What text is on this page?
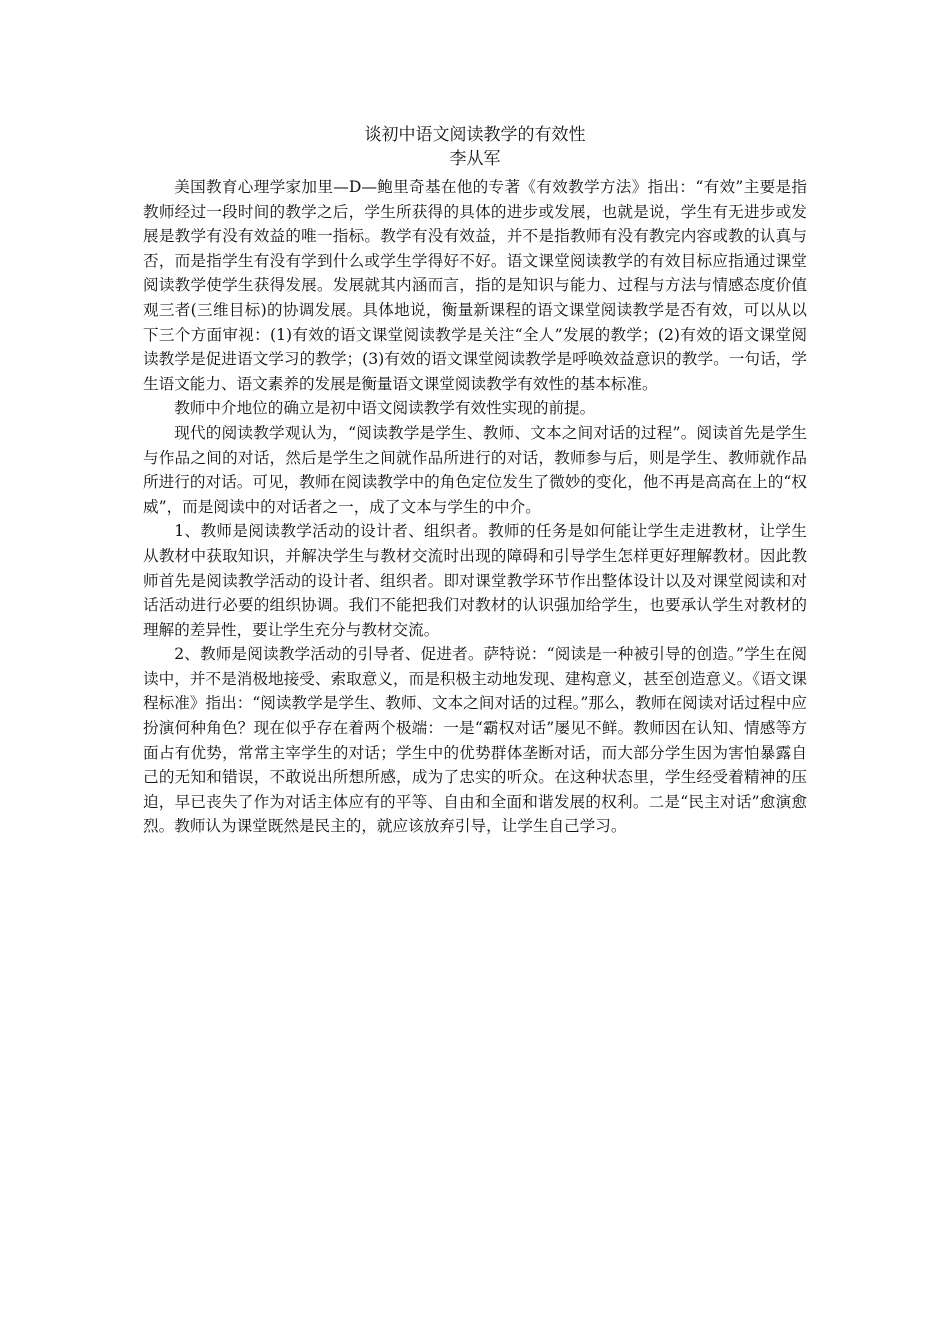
谈初中语文阅读教学的有效性
李从军

美国教育心理学家加里—D—鲍里奇基在他的专著《有效教学方法》指出：“有效”主要是指教师经过一段时间的教学之后，学生所获得的具体的进步或发展，也就是说，学生有无进步或发展是教学有没有效益的唯一指标。教学有没有效益，并不是指教师有没有教完内容或教的认真与否，而是指学生有没有学到什么或学生学得好不好。语文课堂阅读教学的有效目标应指通过课堂阅读教学使学生获得发展。发展就其内涵而言，指的是知识与能力、过程与方法与情感态度价值观三者(三维目标)的协调发展。具体地说，衡量新课程的语文课堂阅读教学是否有效，可以从以下三个方面审视：(1)有效的语文课堂阅读教学是关注“全人”发展的教学；(2)有效的语文课堂阅读教学是促进语文学习的教学；(3)有效的语文课堂阅读教学是呼唤效益意识的教学。一句话，学生语文能力、语文素养的发展是衡量语文课堂阅读教学有效性的基本标准。

教师中介地位的确立是初中语文阅读教学有效性实现的前提。

现代的阅读教学观认为，“阅读教学是学生、教师、文本之间对话的过程”。阅读首先是学生与作品之间的对话，然后是学生之间就作品所进行的对话，教师参与后，则是学生、教师就作品所进行的对话。可见，教师在阅读教学中的角色定位发生了微妙的变化，他不再是高高在上的“权威”，而是阅读中的对话者之一，成了文本与学生的中介。

1、教师是阅读教学活动的设计者、组织者。教师的任务是如何能让学生走进教材，让学生从教材中获取知识，并解决学生与教材交流时出现的障碍和引导学生怎样更好理解教材。因此教师首先是阅读教学活动的设计者、组织者。即对课堂教学环节作出整体设计以及对课堂阅读和对话活动进行必要的组织协调。我们不能把我们对教材的认识强加给学生，也要承认学生对教材的理解的差异性，要让学生充分与教材交流。

2、教师是阅读教学活动的引导者、促进者。萨特说：“阅读是一种被引导的创造。”学生在阅读中，并不是消极地接受、索取意义，而是积极主动地发现、建构意义，甚至创造意义。《语文课程标准》指出：“阅读教学是学生、教师、文本之间对话的过程。”那么，教师在阅读对话过程中应扮演何种角色？现在似乎存在着两个极端：一是“霸权对话”屡见不鲜。教师因在认知、情感等方面占有优势，常常主宰学生的对话；学生中的优势群体垄断对话，而大部分学生因为害怕暴露自己的无知和错误，不敢说出所想所感，成为了忠实的听众。在这种状态里，学生经受着精神的压迫，早已丧失了作为对话主体应有的平等、自由和全面和谐发展的权利。二是“民主对话”愈演愈烈。教师认为课堂既然是民主的，就应该放弃引导，让学生自己学习。
